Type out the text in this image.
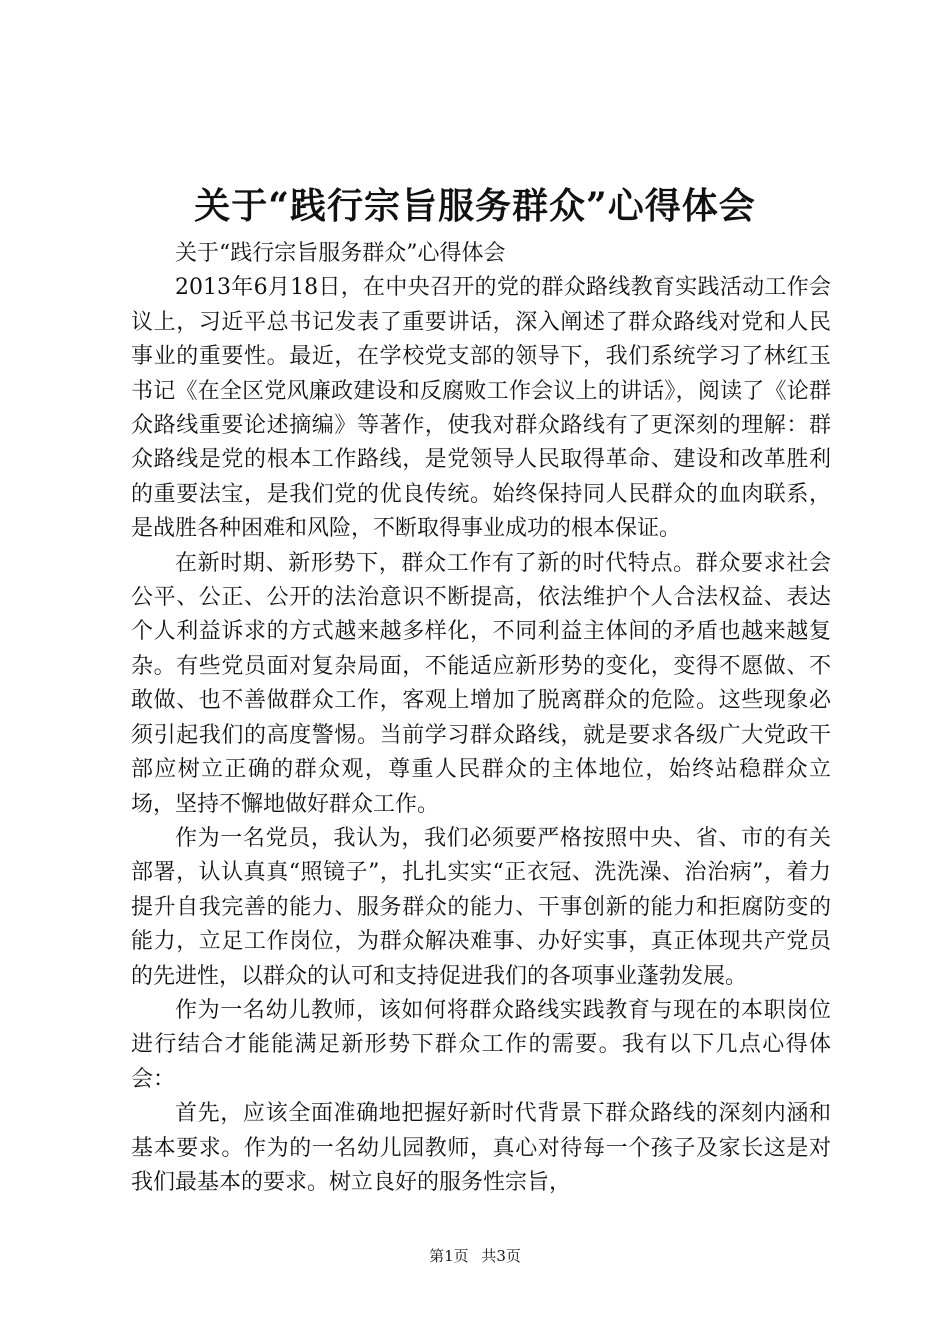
关于“践行宗旨服务群众”心得体会

关于“践行宗旨服务群众”心得体会

2013年6月18日，在中央召开的党的群众路线教育实践活动工作会议上，习近平总书记发表了重要讲话，深入阐述了群众路线对党和人民事业的重要性。最近，在学校党支部的领导下，我们系统学习了林红玉书记《在全区党风廉政建设和反腐败工作会议上的讲话》，阅读了《论群众路线重要论述摘编》等著作，使我对群众路线有了更深刻的理解：群众路线是党的根本工作路线，是党领导人民取得革命、建设和改革胜利的重要法宝，是我们党的优良传统。始终保持同人民群众的血肉联系，是战胜各种困难和风险，不断取得事业成功的根本保证。

在新时期、新形势下，群众工作有了新的时代特点。群众要求社会公平、公正、公开的法治意识不断提高，依法维护个人合法权益、表达个人利益诉求的方式越来越多样化，不同利益主体间的矛盾也越来越复杂。有些党员面对复杂局面，不能适应新形势的变化，变得不愿做、不敢做、也不善做群众工作，客观上增加了脱离群众的危险。这些现象必须引起我们的高度警惕。当前学习群众路线，就是要求各级广大党政干部应树立正确的群众观，尊重人民群众的主体地位，始终站稳群众立场，坚持不懈地做好群众工作。

作为一名党员，我认为，我们必须要严格按照中央、省、市的有关部署，认认真真“照镜子”，扎扎实实“正衣冠、洗洗澡、治治病”，着力提升自我完善的能力、服务群众的能力、干事创新的能力和拒腐防变的能力，立足工作岗位，为群众解决难事、办好实事，真正体现共产党员的先进性，以群众的认可和支持促进我们的各项事业蓬勃发展。

作为一名幼儿教师，该如何将群众路线实践教育与现在的本职岗位进行结合才能能满足新形势下群众工作的需要。我有以下几点心得体会：

首先，应该全面准确地把握好新时代背景下群众路线的深刻内涵和基本要求。作为的一名幼儿园教师，真心对待每一个孩子及家长这是对我们最基本的要求。树立良好的服务性宗旨，

第1页 共3页
